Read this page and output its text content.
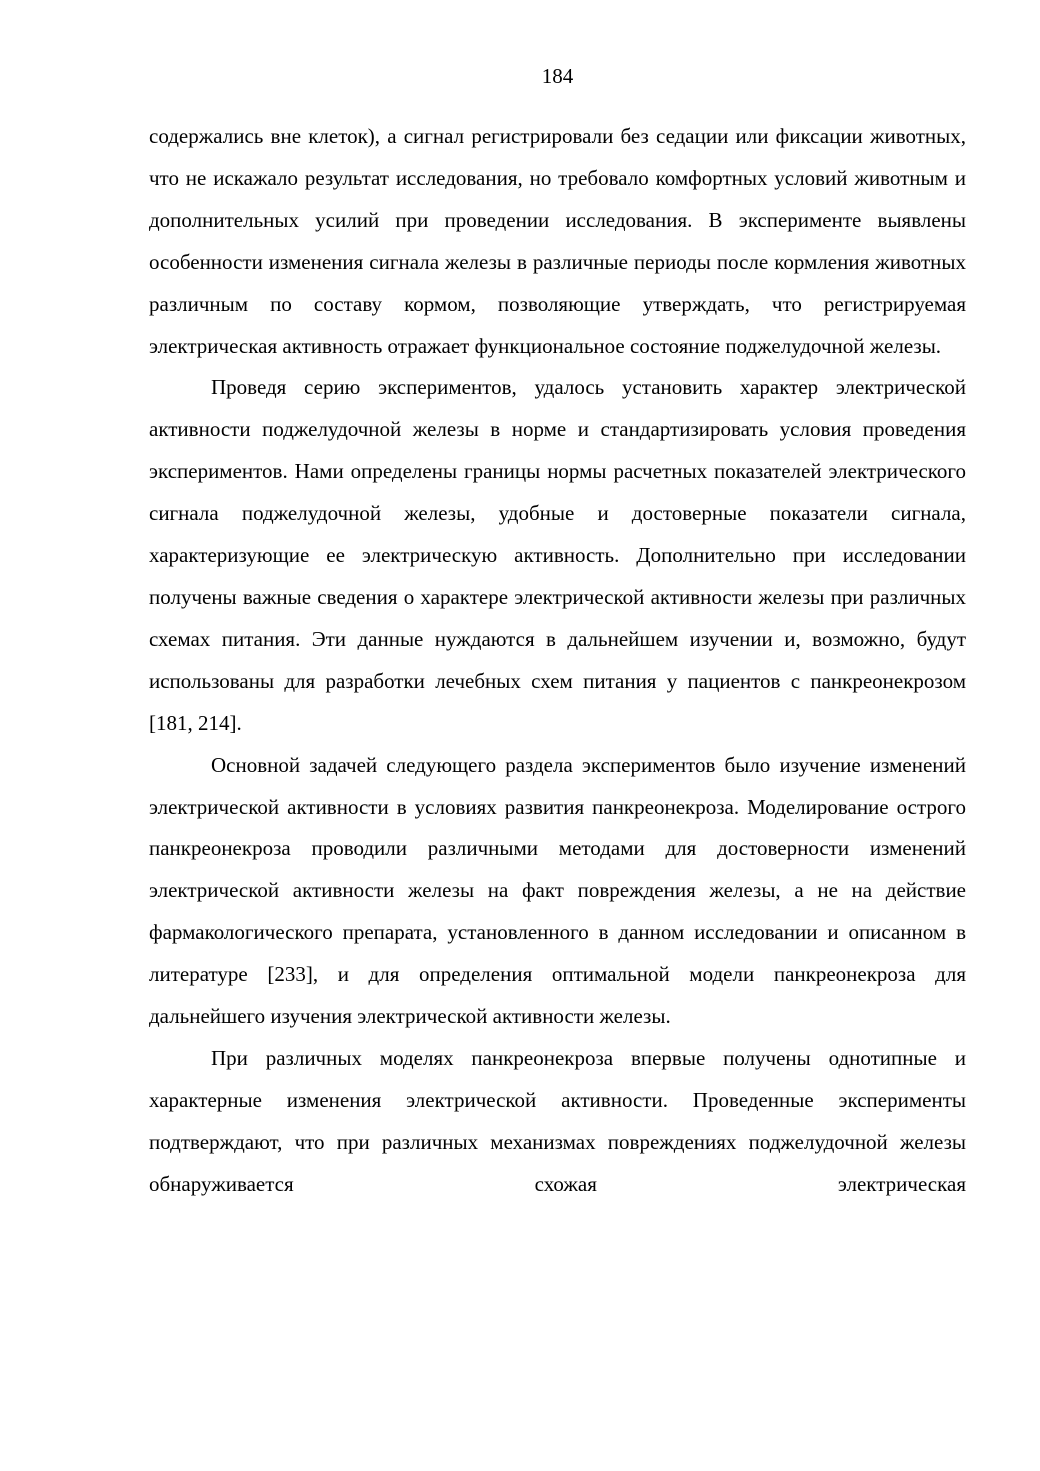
184

содержались вне клеток), а сигнал регистрировали без седации или фиксации животных, что не искажало результат исследования, но требовало комфортных условий животным и дополнительных усилий при проведении исследования. В эксперименте выявлены особенности изменения сигнала железы в различные периоды после кормления животных различным по составу кормом, позволяющие утверждать, что регистрируемая электрическая активность отражает функциональное состояние поджелудочной железы.

Проведя серию экспериментов, удалось установить характер электрической активности поджелудочной железы в норме и стандартизировать условия проведения экспериментов. Нами определены границы нормы расчетных показателей электрического сигнала поджелудочной железы, удобные и достоверные показатели сигнала, характеризующие ее электрическую активность. Дополнительно при исследовании получены важные сведения о характере электрической активности железы при различных схемах питания. Эти данные нуждаются в дальнейшем изучении и, возможно, будут использованы для разработки лечебных схем питания у пациентов с панкреонекрозом [181, 214].

Основной задачей следующего раздела экспериментов было изучение изменений электрической активности в условиях развития панкреонекроза. Моделирование острого панкреонекроза проводили различными методами для достоверности изменений электрической активности железы на факт повреждения железы, а не на действие фармакологического препарата, установленного в данном исследовании и описанном в литературе [233], и для определения оптимальной модели панкреонекроза для дальнейшего изучения электрической активности железы.

При различных моделях панкреонекроза впервые получены однотипные и характерные изменения электрической активности. Проведенные эксперименты подтверждают, что при различных механизмах повреждениях поджелудочной железы обнаруживается схожая электрическая
